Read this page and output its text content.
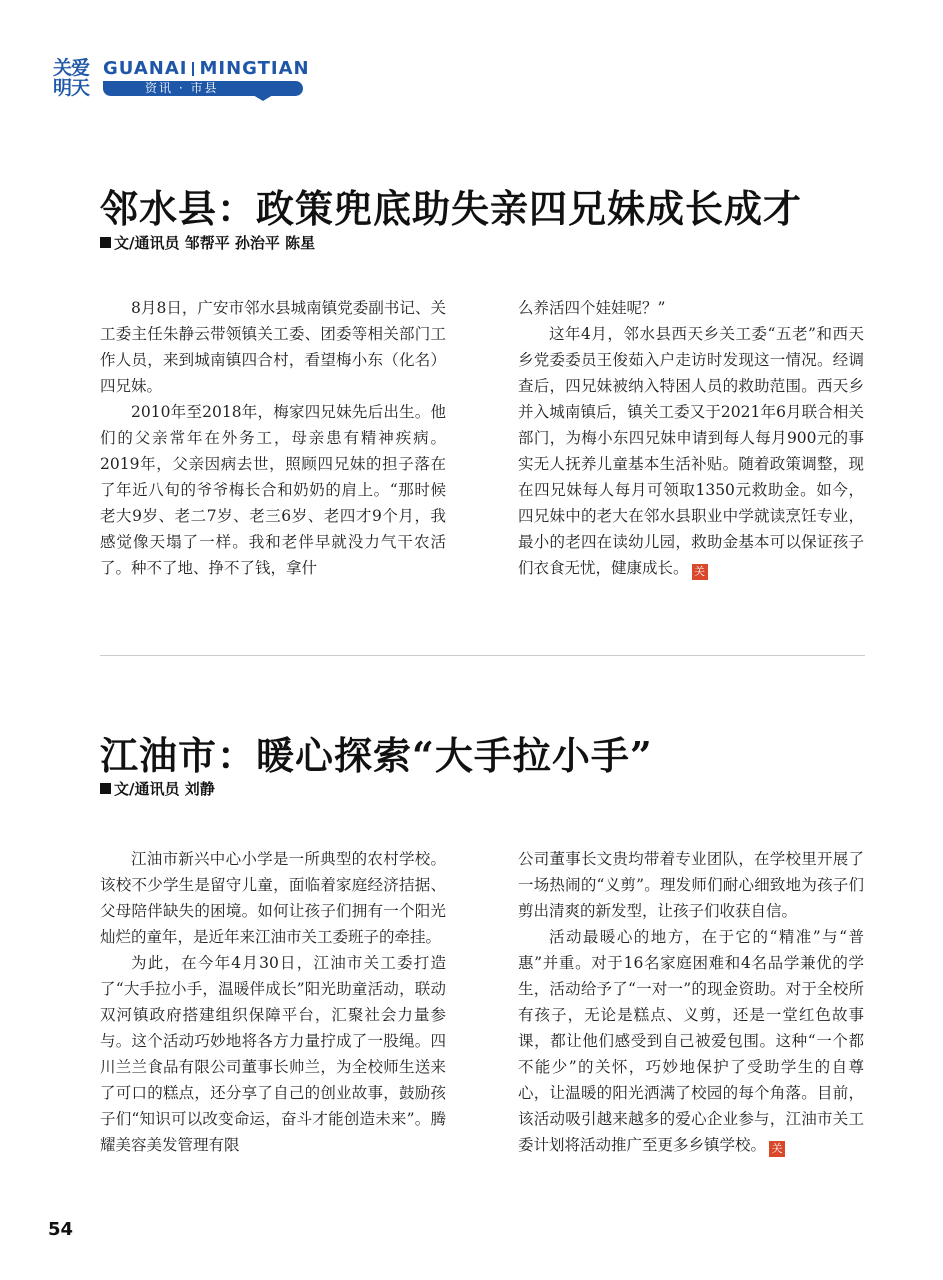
关爱
明天
GUANAI MINGTIAN
资讯 · 市县
邻水县：政策兜底助失亲四兄妹成长成才
文/通讯员 邹帮平 孙治平 陈星

8月8日，广安市邻水县城南镇党委副书记、关工委主任朱静云带领镇关工委、团委等相关部门工作人员，来到城南镇四合村，看望梅小东（化名）四兄妹。

2010年至2018年，梅家四兄妹先后出生。他们的父亲常年在外务工，母亲患有精神疾病。2019年，父亲因病去世，照顾四兄妹的担子落在了年近八旬的爷爷梅长合和奶奶的肩上。“那时候老大9岁、老二7岁、老三6岁、老四才9个月，我感觉像天塌了一样。我和老伴早就没力气干农活了。种不了地、挣不了钱，拿什

么养活四个娃娃呢？”

这年4月，邻水县西天乡关工委“五老”和西天乡党委委员王俊茹入户走访时发现这一情况。经调查后，四兄妹被纳入特困人员的救助范围。西天乡并入城南镇后，镇关工委又于2021年6月联合相关部门，为梅小东四兄妹申请到每人每月900元的事实无人抚养儿童基本生活补贴。随着政策调整，现在四兄妹每人每月可领取1350元救助金。如今，四兄妹中的老大在邻水县职业中学就读烹饪专业，最小的老四在读幼儿园，救助金基本可以保证孩子们衣食无忧，健康成长。 关

江油市：暖心探索“大手拉小手”
文/通讯员 刘静

江油市新兴中心小学是一所典型的农村学校。该校不少学生是留守儿童，面临着家庭经济拮据、父母陪伴缺失的困境。如何让孩子们拥有一个阳光灿烂的童年，是近年来江油市关工委班子的牵挂。

为此，在今年4月30日，江油市关工委打造了“大手拉小手，温暖伴成长”阳光助童活动，联动双河镇政府搭建组织保障平台，汇聚社会力量参与。这个活动巧妙地将各方力量拧成了一股绳。四川兰兰食品有限公司董事长帅兰，为全校师生送来了可口的糕点，还分享了自己的创业故事，鼓励孩子们“知识可以改变命运，奋斗才能创造未来”。腾耀美容美发管理有限

公司董事长文贵均带着专业团队，在学校里开展了一场热闹的“义剪”。理发师们耐心细致地为孩子们剪出清爽的新发型，让孩子们收获自信。

活动最暖心的地方，在于它的“精准”与“普惠”并重。对于16名家庭困难和4名品学兼优的学生，活动给予了“一对一”的现金资助。对于全校所有孩子，无论是糕点、义剪，还是一堂红色故事课，都让他们感受到自己被爱包围。这种“一个都不能少”的关怀，巧妙地保护了受助学生的自尊心，让温暖的阳光洒满了校园的每个角落。目前，该活动吸引越来越多的爱心企业参与，江油市关工委计划将活动推广至更多乡镇学校。 关

54
